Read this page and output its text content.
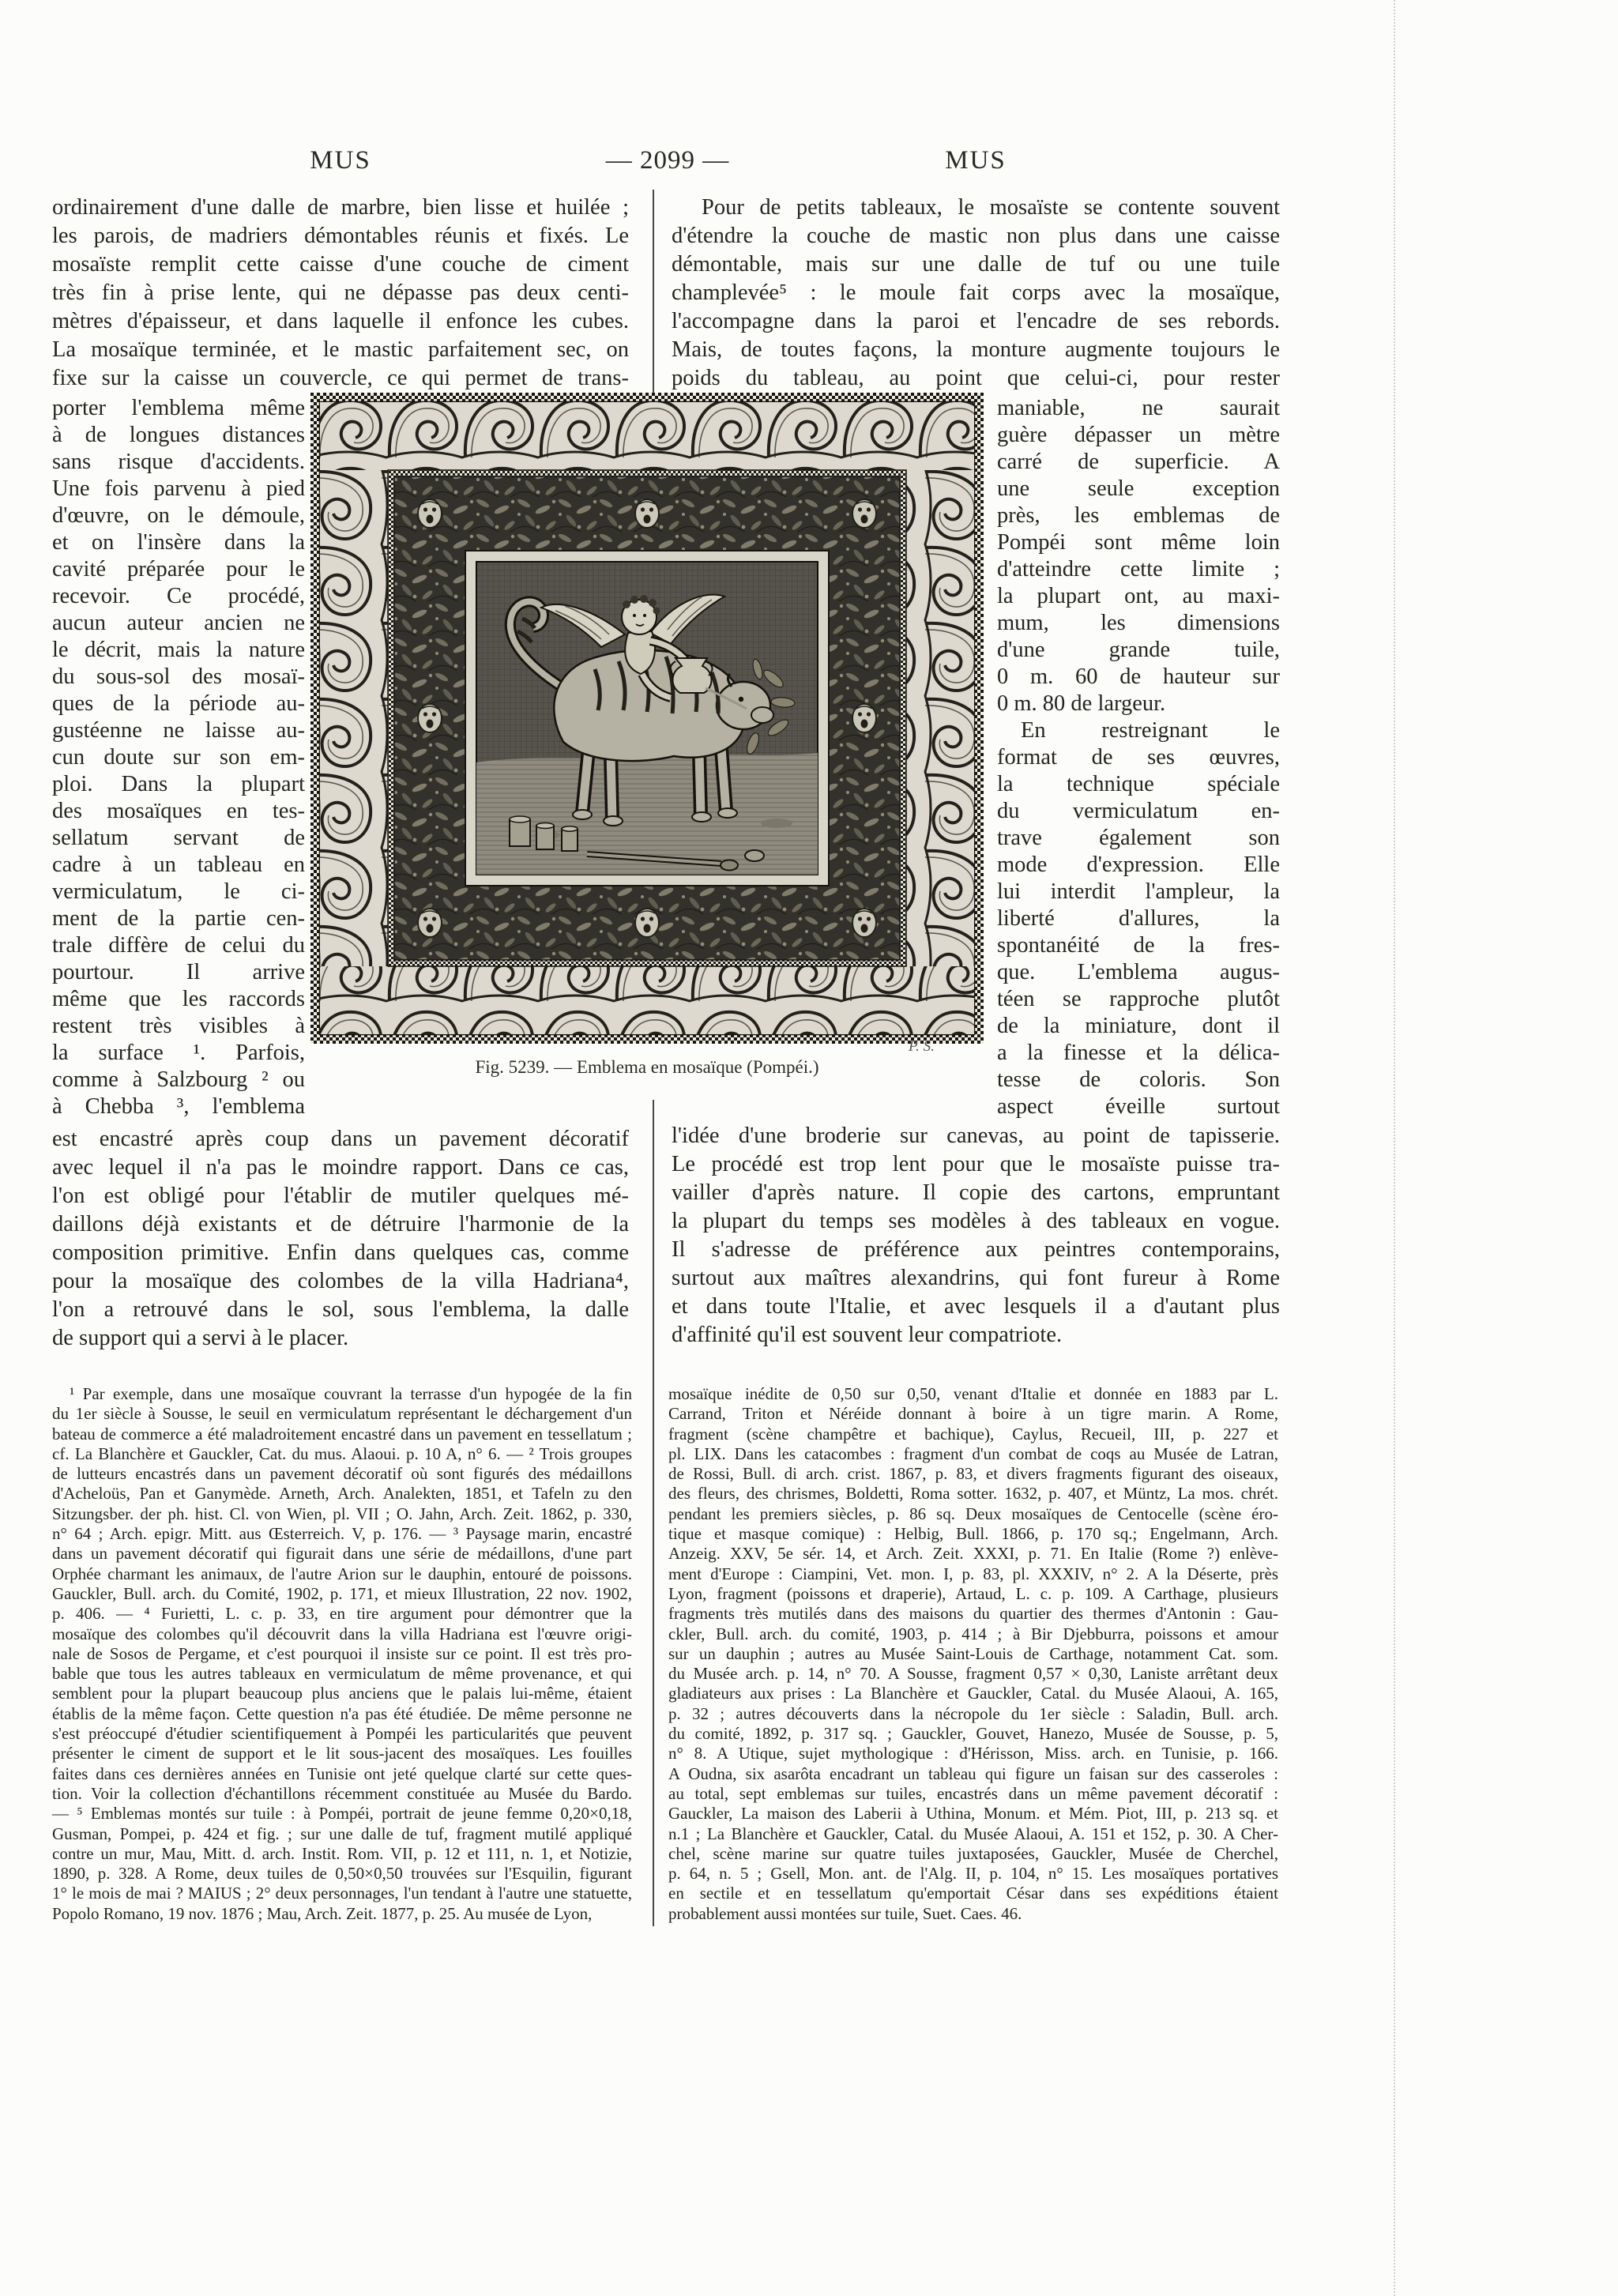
MUS	— 2099 —	MUS
ordinairement d'une dalle de marbre, bien lisse et huilée ;
les parois, de madriers démontables réunis et fixés. Le
mosaïste remplit cette caisse d'une couche de ciment
très fin à prise lente, qui ne dépasse pas deux centi-
mètres d'épaisseur, et dans laquelle il enfonce les cubes.
La mosaïque terminée, et le mastic parfaitement sec, on
fixe sur la caisse un couvercle, ce qui permet de trans-
porter l'emblema même
à de longues distances
sans risque d'accidents.
Une fois parvenu à pied
d'œuvre, on le démoule,
et on l'insère dans la
cavité préparée pour le
recevoir. Ce procédé,
aucun auteur ancien ne
le décrit, mais la nature
du sous-sol des mosaï-
ques de la période au-
gustéenne ne laisse au-
cun doute sur son em-
ploi. Dans la plupart
des mosaïques en tes-
sellatum servant de
cadre à un tableau en
vermiculatum, le ci-
ment de la partie cen-
trale diffère de celui du
pourtour. Il arrive
même que les raccords
restent très visibles à
la surface ¹. Parfois,
comme à Salzbourg ² ou
à Chebba ³, l'emblema
est encastré après coup dans un pavement décoratif
avec lequel il n'a pas le moindre rapport. Dans ce cas,
l'on est obligé pour l'établir de mutiler quelques mé-
daillons déjà existants et de détruire l'harmonie de la
composition primitive. Enfin dans quelques cas, comme
pour la mosaïque des colombes de la villa Hadriana⁴,
l'on a retrouvé dans le sol, sous l'emblema, la dalle
de support qui a servi à le placer.
Pour de petits tableaux, le mosaïste se contente souvent
d'étendre la couche de mastic non plus dans une caisse
démontable, mais sur une dalle de tuf ou une tuile
champlevée⁵ : le moule fait corps avec la mosaïque,
l'accompagne dans la paroi et l'encadre de ses rebords.
Mais, de toutes façons, la monture augmente toujours le
poids du tableau, au point que celui-ci, pour rester
maniable, ne saurait
guère dépasser un mètre
carré de superficie. A
une seule exception
près, les emblemas de
Pompéi sont même loin
d'atteindre cette limite ;
la plupart ont, au maxi-
mum, les dimensions
d'une grande tuile,
0 m. 60 de hauteur sur
0 m. 80 de largeur.
En restreignant le
format de ses œuvres,
la technique spéciale
du vermiculatum en-
trave également son
mode d'expression. Elle
lui interdit l'ampleur, la
liberté d'allures, la
spontanéité de la fres-
que. L'emblema augus-
téen se rapproche plutôt
de la miniature, dont il
a la finesse et la délica-
tesse de coloris. Son
aspect éveille surtout
l'idée d'une broderie sur canevas, au point de tapisserie.
Le procédé est trop lent pour que le mosaïste puisse tra-
vailler d'après nature. Il copie des cartons, empruntant
la plupart du temps ses modèles à des tableaux en vogue.
Il s'adresse de préférence aux peintres contemporains,
surtout aux maîtres alexandrins, qui font fureur à Rome
et dans toute l'Italie, et avec lesquels il a d'autant plus
d'affinité qu'il est souvent leur compatriote.
Fig. 5239. — Emblema en mosaïque (Pompéi.)
P. S.
¹ Par exemple, dans une mosaïque couvrant la terrasse d'un hypogée de la fin
du 1er siècle à Sousse, le seuil en vermiculatum représentant le déchargement d'un
bateau de commerce a été maladroitement encastré dans un pavement en tessellatum ;
cf. La Blanchère et Gauckler, Cat. du mus. Alaoui. p. 10 A, n° 6. — ² Trois groupes
de lutteurs encastrés dans un pavement décoratif où sont figurés des médaillons
d'Acheloüs, Pan et Ganymède. Arneth, Arch. Analekten, 1851, et Tafeln zu den
Sitzungsber. der ph. hist. Cl. von Wien, pl. VII ; O. Jahn, Arch. Zeit. 1862, p. 330,
n° 64 ; Arch. epigr. Mitt. aus Œsterreich. V, p. 176. — ³ Paysage marin, encastré
dans un pavement décoratif qui figurait dans une série de médaillons, d'une part
Orphée charmant les animaux, de l'autre Arion sur le dauphin, entouré de poissons.
Gauckler, Bull. arch. du Comité, 1902, p. 171, et mieux Illustration, 22 nov. 1902,
p. 406. — ⁴ Furietti, L. c. p. 33, en tire argument pour démontrer que la
mosaïque des colombes qu'il découvrit dans la villa Hadriana est l'œuvre origi-
nale de Sosos de Pergame, et c'est pourquoi il insiste sur ce point. Il est très pro-
bable que tous les autres tableaux en vermiculatum de même provenance, et qui
semblent pour la plupart beaucoup plus anciens que le palais lui-même, étaient
établis de la même façon. Cette question n'a pas été étudiée. De même personne ne
s'est préoccupé d'étudier scientifiquement à Pompéi les particularités que peuvent
présenter le ciment de support et le lit sous-jacent des mosaïques. Les fouilles
faites dans ces dernières années en Tunisie ont jeté quelque clarté sur cette ques-
tion. Voir la collection d'échantillons récemment constituée au Musée du Bardo.
— ⁵ Emblemas montés sur tuile : à Pompéi, portrait de jeune femme 0,20×0,18,
Gusman, Pompei, p. 424 et fig. ; sur une dalle de tuf, fragment mutilé appliqué
contre un mur, Mau, Mitt. d. arch. Instit. Rom. VII, p. 12 et 111, n. 1, et Notizie,
1890, p. 328. A Rome, deux tuiles de 0,50×0,50 trouvées sur l'Esquilin, figurant
1° le mois de mai ? MAIUS ; 2° deux personnages, l'un tendant à l'autre une statuette,
Popolo Romano, 19 nov. 1876 ; Mau, Arch. Zeit. 1877, p. 25. Au musée de Lyon,
mosaïque inédite de 0,50 sur 0,50, venant d'Italie et donnée en 1883 par L.
Carrand, Triton et Néréide donnant à boire à un tigre marin. A Rome,
fragment (scène champêtre et bachique), Caylus, Recueil, III, p. 227 et
pl. LIX. Dans les catacombes : fragment d'un combat de coqs au Musée de Latran,
de Rossi, Bull. di arch. crist. 1867, p. 83, et divers fragments figurant des oiseaux,
des fleurs, des chrismes, Boldetti, Roma sotter. 1632, p. 407, et Müntz, La mos. chrét.
pendant les premiers siècles, p. 86 sq. Deux mosaïques de Centocelle (scène éro-
tique et masque comique) : Helbig, Bull. 1866, p. 170 sq.; Engelmann, Arch.
Anzeig. XXV, 5e sér. 14, et Arch. Zeit. XXXI, p. 71. En Italie (Rome ?) enlève-
ment d'Europe : Ciampini, Vet. mon. I, p. 83, pl. XXXIV, n° 2. A la Déserte, près
Lyon, fragment (poissons et draperie), Artaud, L. c. p. 109. A Carthage, plusieurs
fragments très mutilés dans des maisons du quartier des thermes d'Antonin : Gau-
ckler, Bull. arch. du comité, 1903, p. 414 ; à Bir Djebburra, poissons et amour
sur un dauphin ; autres au Musée Saint-Louis de Carthage, notamment Cat. som.
du Musée arch. p. 14, n° 70. A Sousse, fragment 0,57 × 0,30, Laniste arrêtant deux
gladiateurs aux prises : La Blanchère et Gauckler, Catal. du Musée Alaoui, A. 165,
p. 32 ; autres découverts dans la nécropole du 1er siècle : Saladin, Bull. arch.
du comité, 1892, p. 317 sq. ; Gauckler, Gouvet, Hanezo, Musée de Sousse, p. 5,
n° 8. A Utique, sujet mythologique : d'Hérisson, Miss. arch. en Tunisie, p. 166.
A Oudna, six asarôta encadrant un tableau qui figure un faisan sur des casseroles :
au total, sept emblemas sur tuiles, encastrés dans un même pavement décoratif :
Gauckler, La maison des Laberii à Uthina, Monum. et Mém. Piot, III, p. 213 sq. et
n.1 ; La Blanchère et Gauckler, Catal. du Musée Alaoui, A. 151 et 152, p. 30. A Cher-
chel, scène marine sur quatre tuiles juxtaposées, Gauckler, Musée de Cherchel,
p. 64, n. 5 ; Gsell, Mon. ant. de l'Alg. II, p. 104, n° 15. Les mosaïques portatives
en sectile et en tessellatum qu'emportait César dans ses expéditions étaient
probablement aussi montées sur tuile, Suet. Caes. 46.
